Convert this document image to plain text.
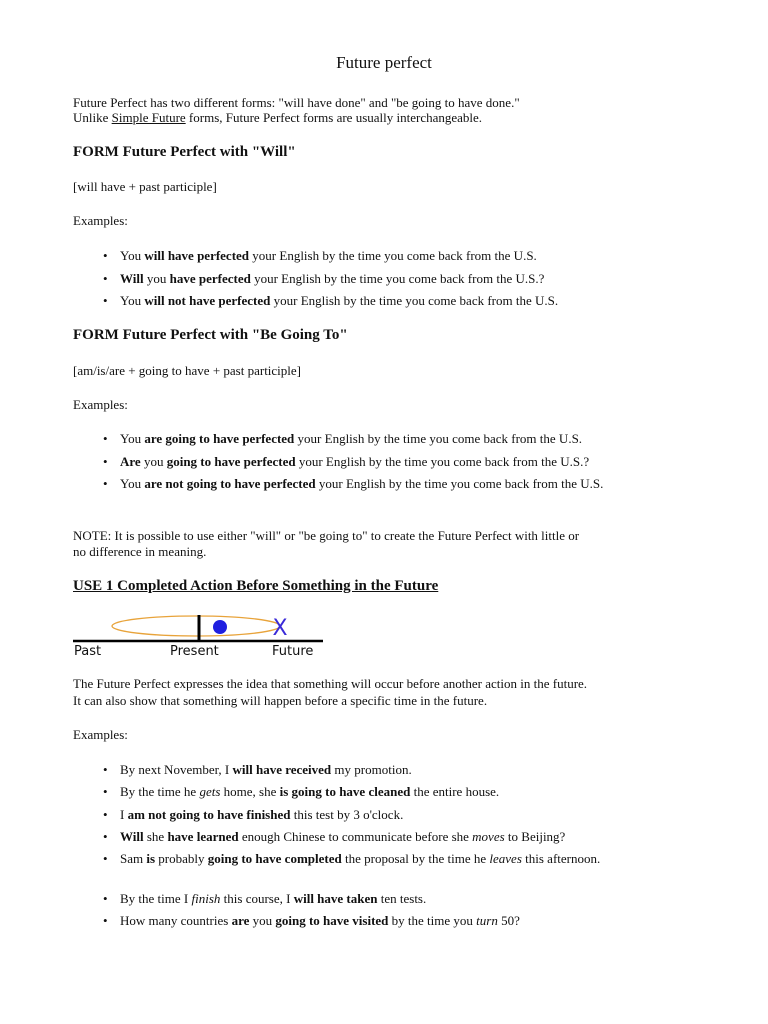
Future perfect
Future Perfect has two different forms: "will have done" and "be going to have done."
Unlike Simple Future forms, Future Perfect forms are usually interchangeable.
FORM Future Perfect with "Will"
[will have + past participle]
Examples:
• You will have perfected your English by the time you come back from the U.S.
• Will you have perfected your English by the time you come back from the U.S.?
• You will not have perfected your English by the time you come back from the U.S.
FORM Future Perfect with "Be Going To"
[am/is/are + going to have + past participle]
Examples:
• You are going to have perfected your English by the time you come back from the U.S.
• Are you going to have perfected your English by the time you come back from the U.S.?
• You are not going to have perfected your English by the time you come back from the U.S.
NOTE: It is possible to use either "will" or "be going to" to create the Future Perfect with little or
no difference in meaning.
USE 1 Completed Action Before Something in the Future
X
Past	Present	Future
The Future Perfect expresses the idea that something will occur before another action in the future.
It can also show that something will happen before a specific time in the future.
Examples:
• By next November, I will have received my promotion.
• By the time he gets home, she is going to have cleaned the entire house.
• I am not going to have finished this test by 3 o'clock.
• Will she have learned enough Chinese to communicate before she moves to Beijing?
• Sam is probably going to have completed the proposal by the time he leaves this afternoon.
• By the time I finish this course, I will have taken ten tests.
• How many countries are you going to have visited by the time you turn 50?
